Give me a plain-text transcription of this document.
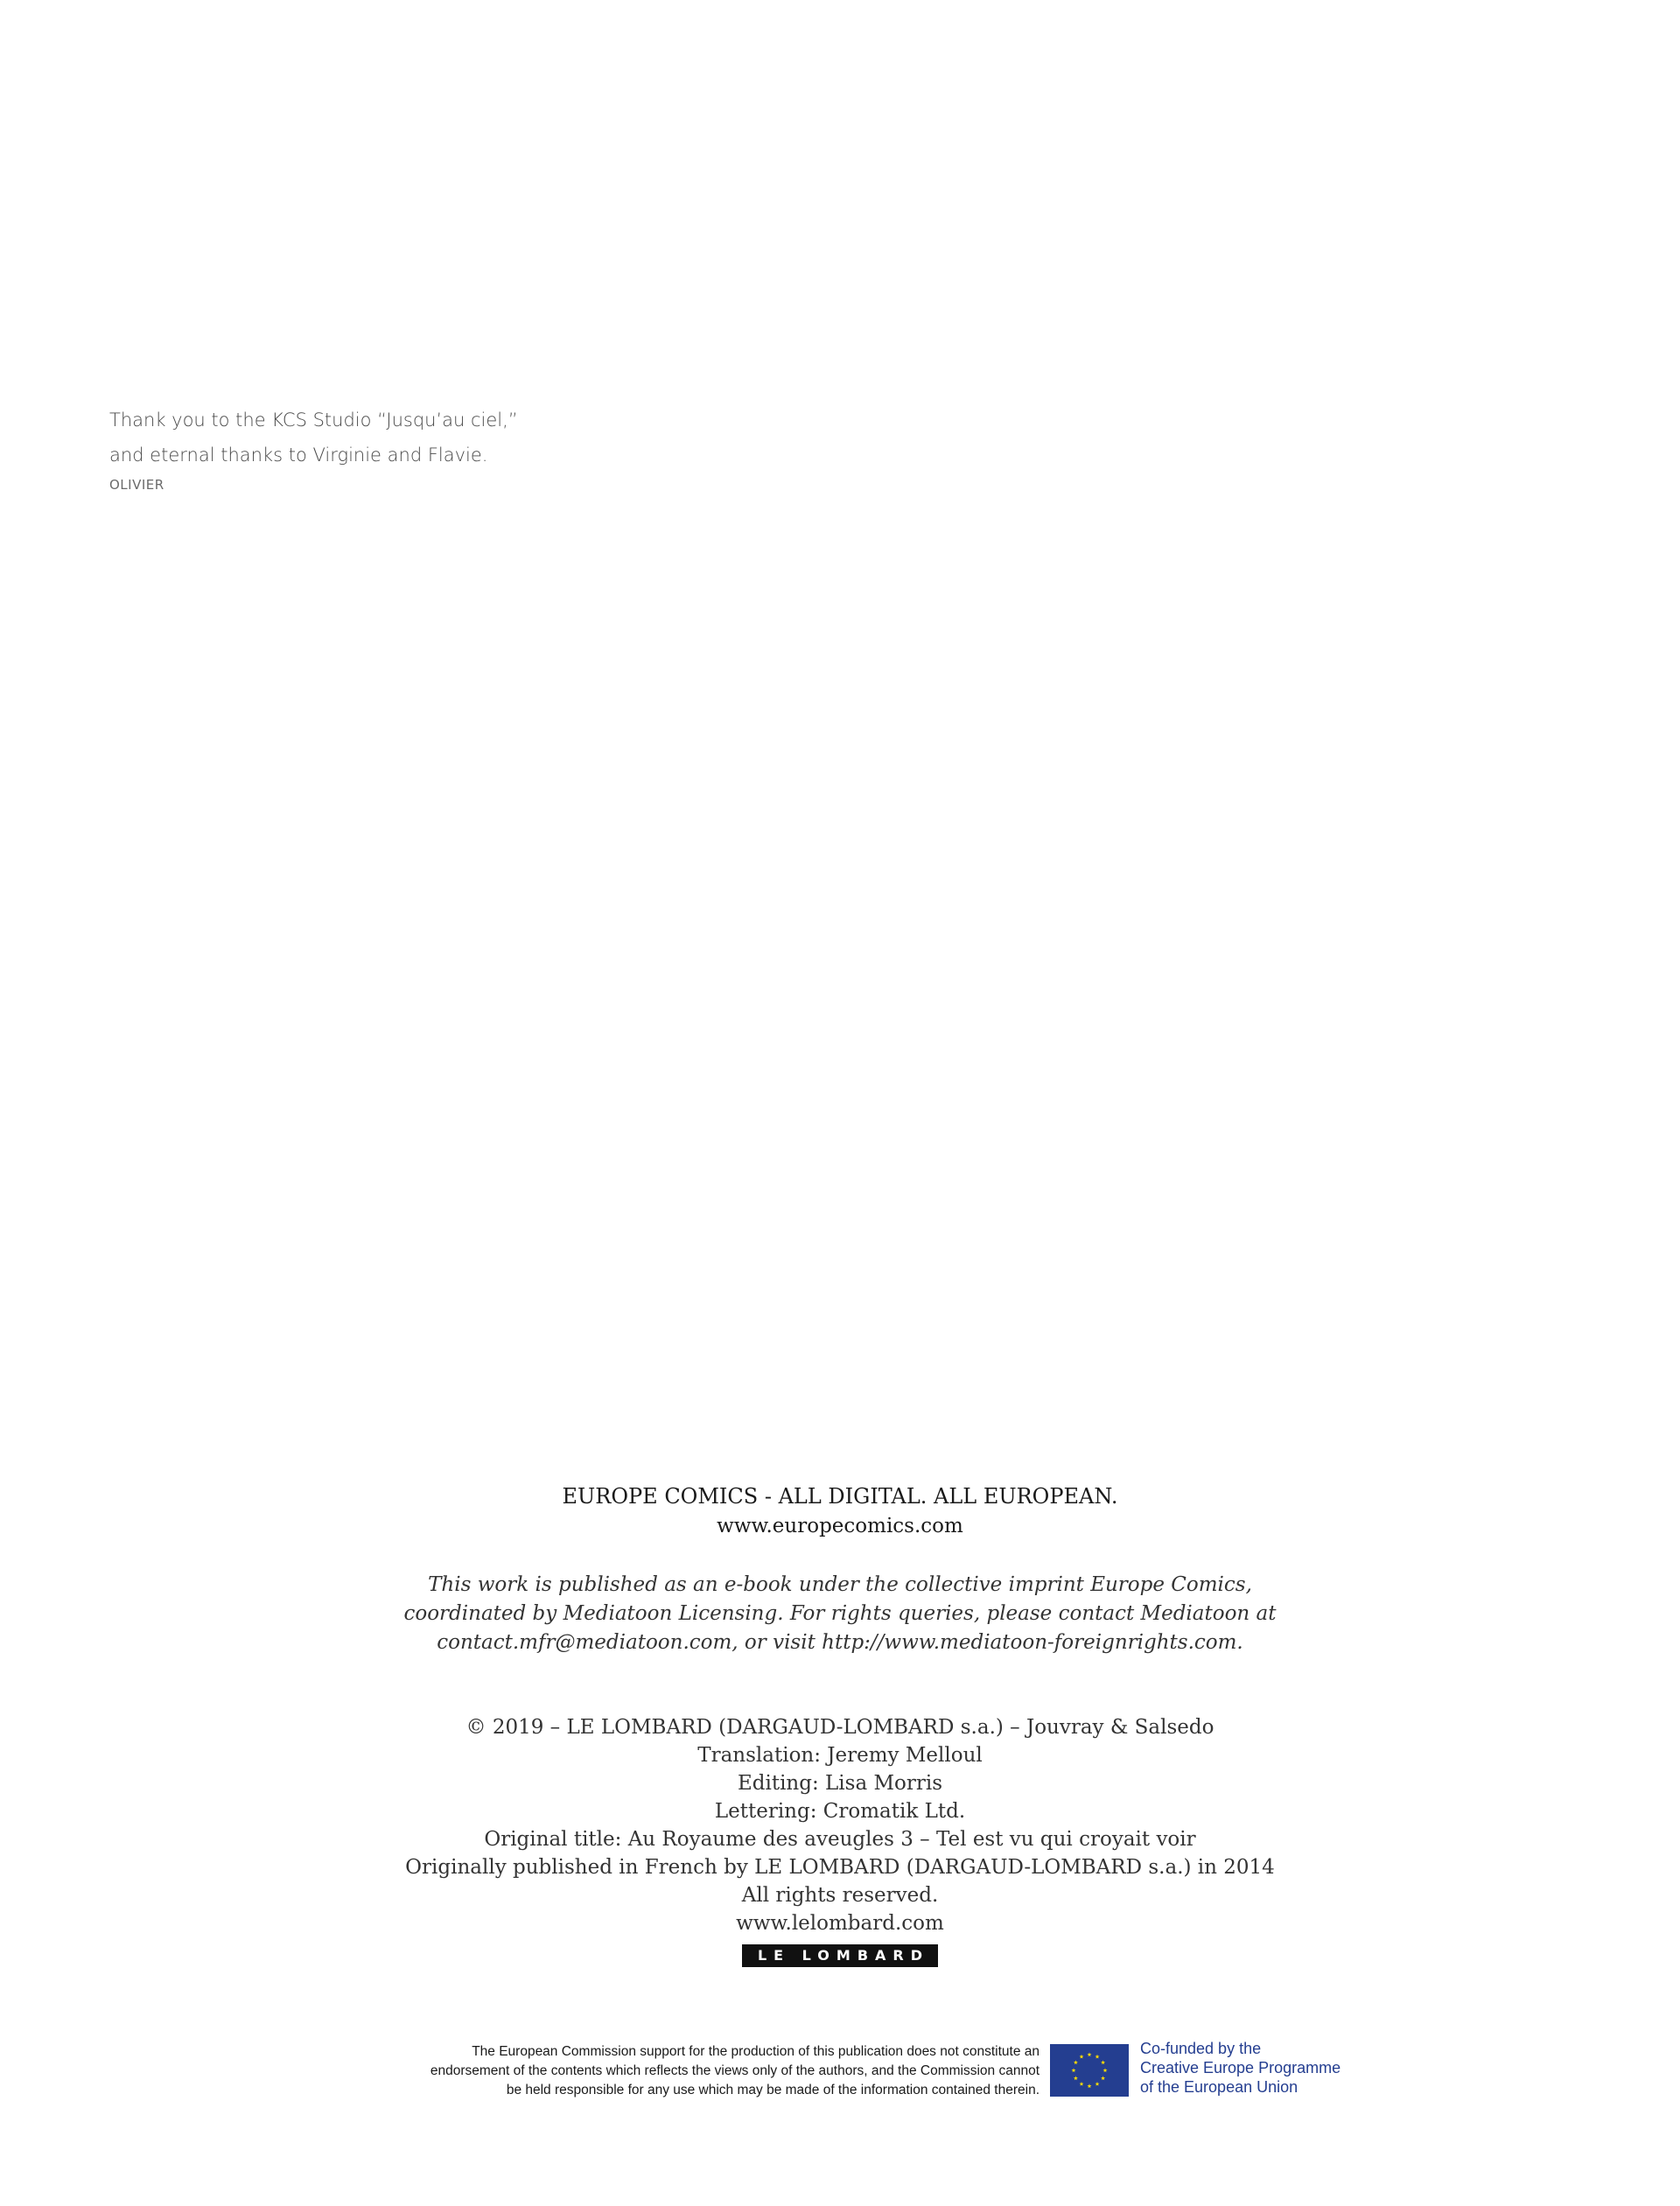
Thank you to the KCS Studio “Jusqu’au ciel,”
and eternal thanks to Virginie and Flavie.
OLIVIER
EUROPE COMICS - ALL DIGITAL. ALL EUROPEAN.
www.europecomics.com
This work is published as an e-book under the collective imprint Europe Comics,
coordinated by Mediatoon Licensing. For rights queries, please contact Mediatoon at
contact.mfr@mediatoon.com, or visit http://www.mediatoon-foreignrights.com.
© 2019 – LE LOMBARD (DARGAUD-LOMBARD s.a.) – Jouvray & Salsedo
Translation: Jeremy Melloul
Editing: Lisa Morris
Lettering: Cromatik Ltd.
Original title: Au Royaume des aveugles 3 – Tel est vu qui croyait voir
Originally published in French by LE LOMBARD (DARGAUD-LOMBARD s.a.) in 2014
All rights reserved.
www.lelombard.com
LE LOMBARD
The European Commission support for the production of this publication does not constitute an
endorsement of the contents which reflects the views only of the authors, and the Commission cannot
be held responsible for any use which may be made of the information contained therein.
Co-funded by the
Creative Europe Programme
of the European Union
